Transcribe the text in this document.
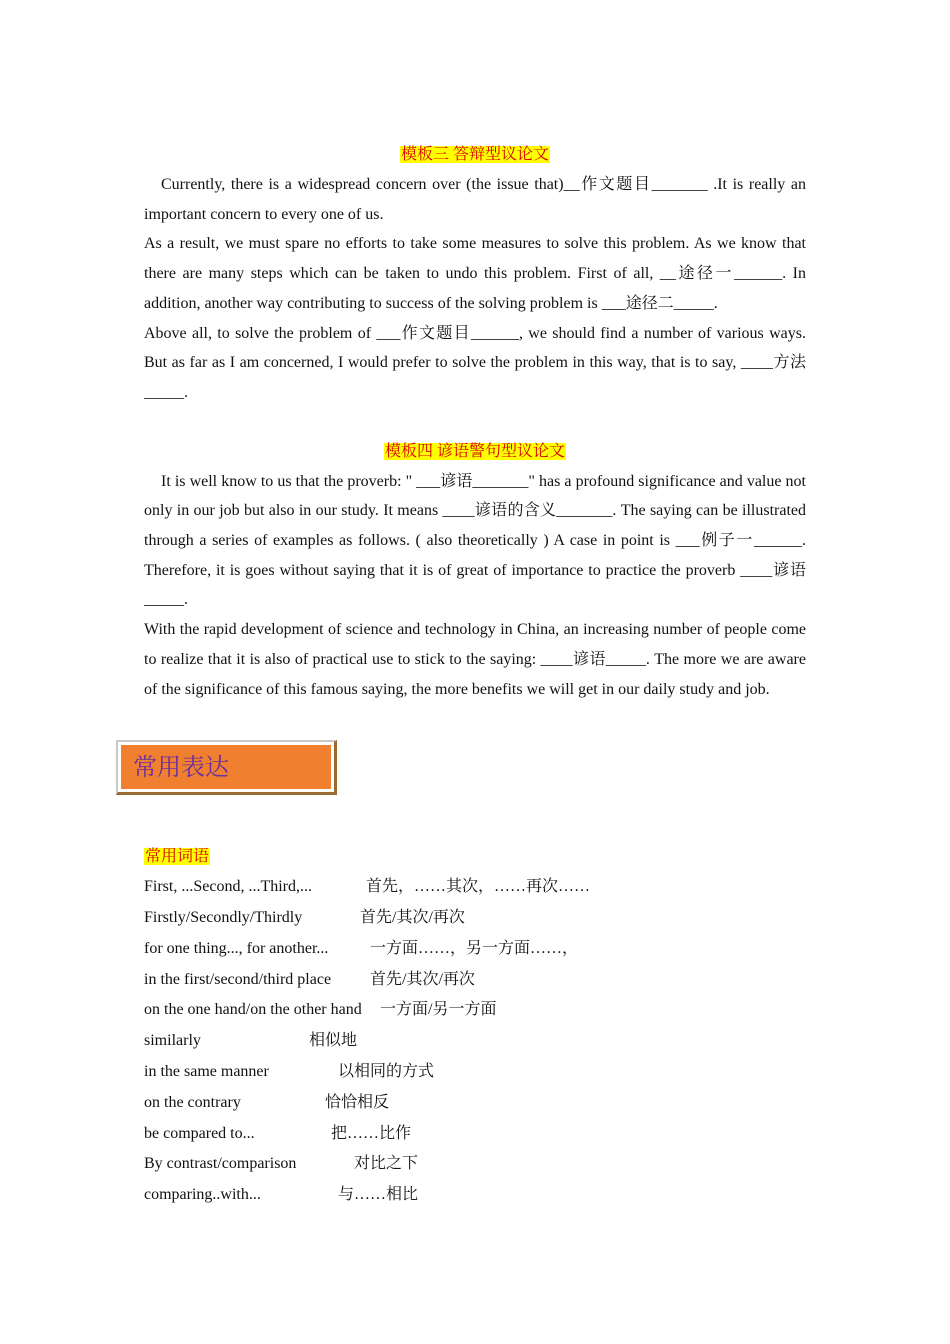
模板三 答辩型议论文

Currently, there is a widespread concern over (the issue that)__作文题目_______ .It is really an important concern to every one of us.

As a result, we must spare no efforts to take some measures to solve this problem. As we know that there are many steps which can be taken to undo this problem. First of all, __途径一______. In addition, another way contributing to success of the solving problem is ___途径二_____.

Above all, to solve the problem of ___作文题目______, we should find a number of various ways. But as far as I am concerned, I would prefer to solve the problem in this way, that is to say, ____方法_____.

模板四 谚语警句型议论文

It is well know to us that the proverb: " ___谚语_______" has a profound significance and value not only in our job but also in our study. It means ____谚语的含义_______. The saying can be illustrated through a series of examples as follows. ( also theoretically ) A case in point is ___例子一______. Therefore, it is goes without saying that it is of great of importance to practice the proverb ____谚语_____.

With the rapid development of science and technology in China, an increasing number of people come to realize that it is also of practical use to stick to the saying: ____谚语_____. The more we are aware of the significance of this famous saying, the more benefits we will get in our daily study and job.

常用表达
常用词语
First, ...Second, ...Third,...	首先，……其次，……再次……
Firstly/Secondly/Thirdly	首先/其次/再次
for one thing..., for another...	一方面……，另一方面……，
in the first/second/third place 首先/其次/再次
on the one hand/on the other hand 一方面/另一方面
similarly	相似地
in the same manner	以相同的方式
on the contrary	恰恰相反
be compared to...	把……比作
By contrast/comparison	对比之下
comparing..with...	与……相比
